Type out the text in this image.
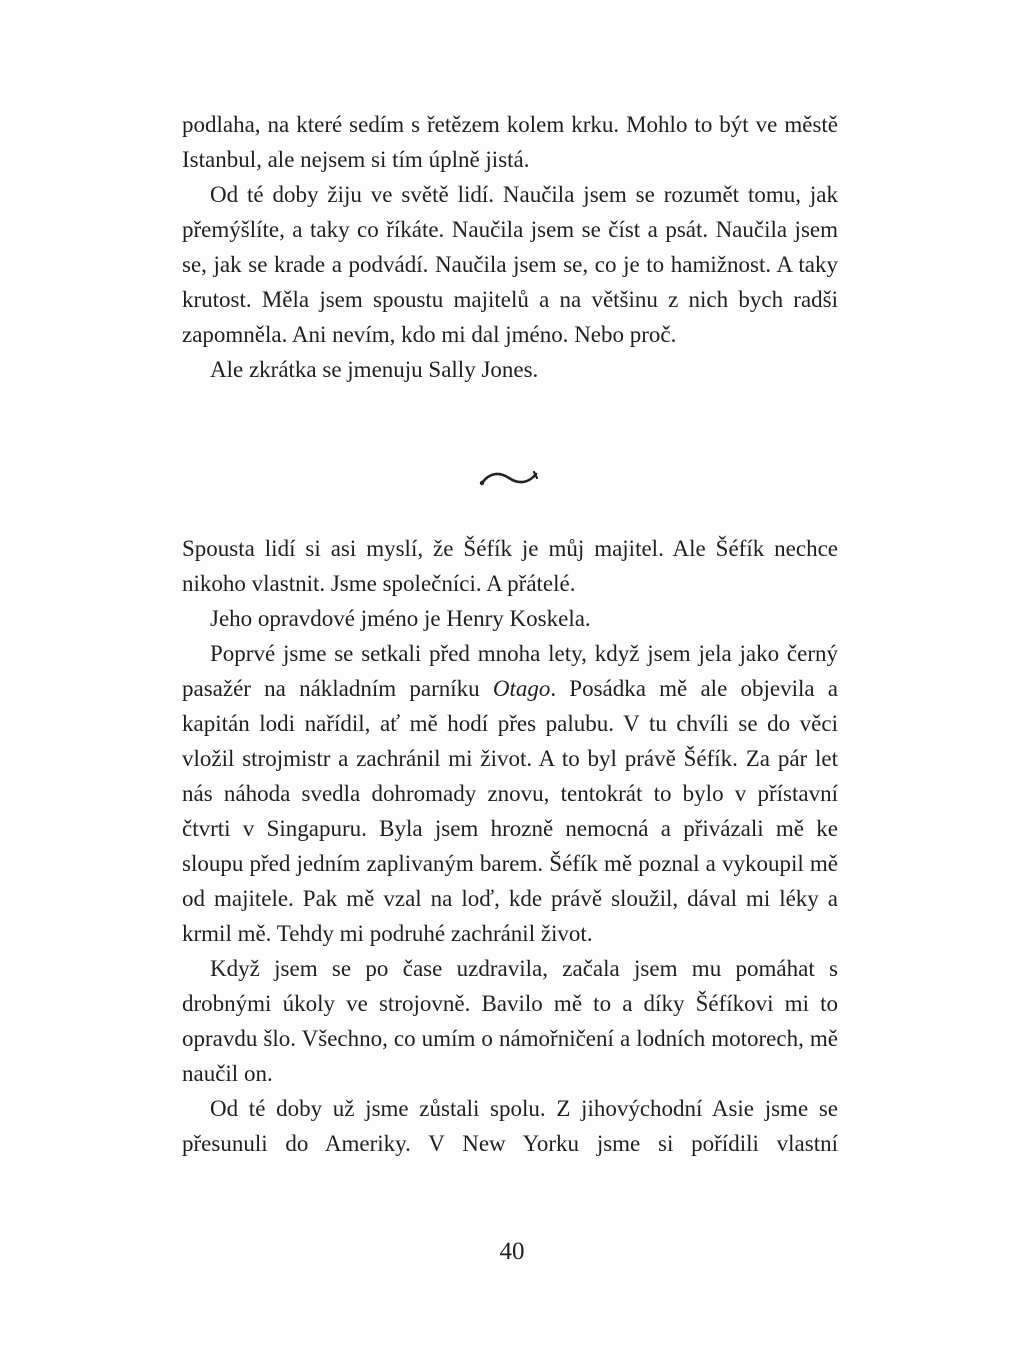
podlaha, na které sedím s řetězem kolem krku. Mohlo to být ve městě Istanbul, ale nejsem si tím úplně jistá.

Od té doby žiju ve světě lidí. Naučila jsem se rozumět tomu, jak přemýšlíte, a taky co říkáte. Naučila jsem se číst a psát. Naučila jsem se, jak se krade a podvádí. Naučila jsem se, co je to hamižnost. A taky krutost. Měla jsem spoustu majitelů a na většinu z nich bych radši zapomněla. Ani nevím, kdo mi dal jméno. Nebo proč.

Ale zkrátka se jmenuju Sally Jones.

Spousta lidí si asi myslí, že Šéfík je můj majitel. Ale Šéfík nechce nikoho vlastnit. Jsme společníci. A přátelé.

Jeho opravdové jméno je Henry Koskela.

Poprvé jsme se setkali před mnoha lety, když jsem jela jako černý pasažér na nákladním parníku Otago. Posádka mě ale objevila a kapitán lodi nařídil, ať mě hodí přes palubu. V tu chvíli se do věci vložil strojmistr a zachránil mi život. A to byl právě Šéfík. Za pár let nás náhoda svedla dohromady znovu, tentokrát to bylo v přístavní čtvrti v Singapuru. Byla jsem hrozně nemocná a přivázali mě ke sloupu před jedním zaplivaným barem. Šéfík mě poznal a vykoupil mě od majitele. Pak mě vzal na loď, kde právě sloužil, dával mi léky a krmil mě. Tehdy mi podruhé zachránil život.

Když jsem se po čase uzdravila, začala jsem mu pomáhat s drobnými úkoly ve strojovně. Bavilo mě to a díky Šéfíkovi mi to opravdu šlo. Všechno, co umím o námořničení a lodních motorech, mě naučil on.

Od té doby už jsme zůstali spolu. Z jihovýchodní Asie jsme se přesunuli do Ameriky. V New Yorku jsme si pořídili vlastní

40
